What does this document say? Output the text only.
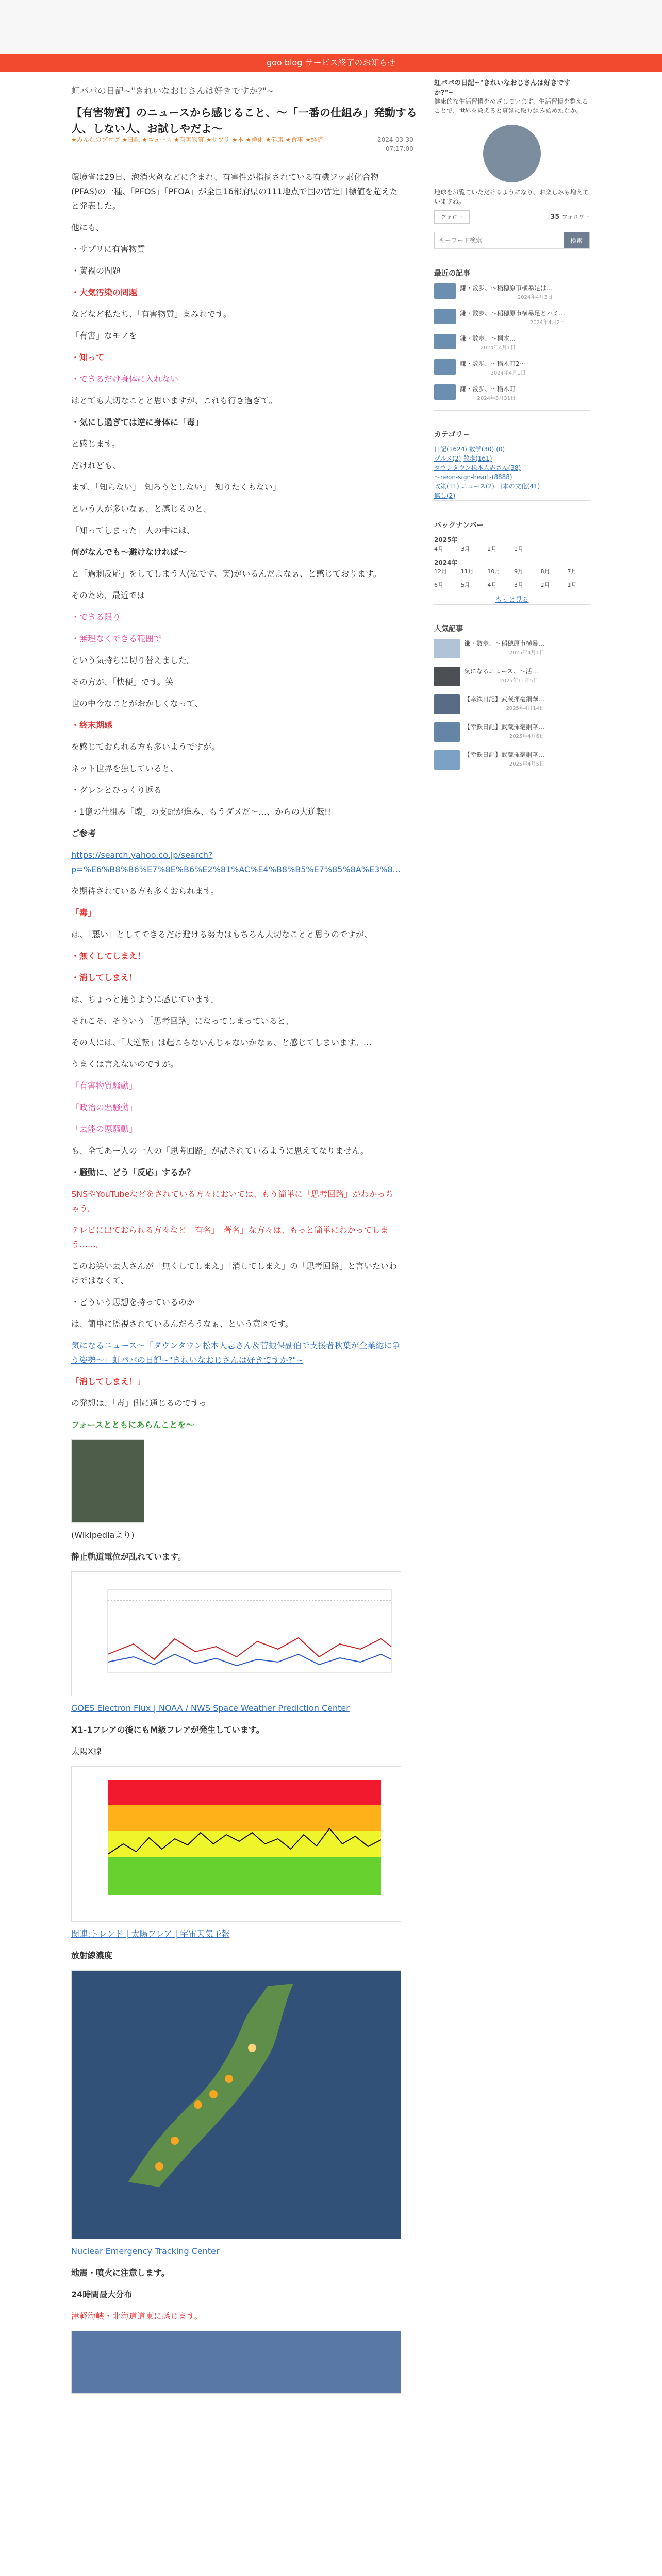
goo blog サービス終了のお知らせ
虹パパの日記~"きれいなおじさんは好きですか?"~
【有害物質】のニュースから感じること、～「一番の仕組み」発動する人、しない人、お試しやだよ～
★みんなのブログ ★日記 ★ニュース ★有害物質 ★サプリ ★本 ★浄化 ★健康 ★食事 ★経済	2024-03-30
07:17:00

環境省は29日、泡消火剤などに含まれ、有害性が指摘されている有機フッ素化合物(PFAS)の一種、「PFOS」「PFOA」が全国16都府県の111地点で国の暫定目標値を超えたと発表した。

他にも、

・サプリに有害物質

・黄禍の問題

・大気汚染の問題

などなど私たち、「有害物質」まみれです。

「有害」なモノを

・知って

・できるだけ身体に入れない

はとても大切なことと思いますが、これも行き過ぎて。

・気にし過ぎては逆に身体に「毒」

と感じます。

だけれども、

まず、「知らない」「知ろうとしない」「知りたくもない」

という人が多いなぁ、と感じるのと、

「知ってしまった」人の中には、

何がなんでも～避けなければ～

と「過剰反応」をしてしまう人(私です、笑)がいるんだよなぁ、と感じております。

そのため、最近では

・できる限り

・無理なくできる範囲で

という気持ちに切り替えました。

その方が、「快便」です。笑

世の中今なことがおかしくなって、

・終末期感

を感じておられる方も多いようですが。

ネット世界を独していると、

・グレンとひっくり返る

・1億の仕組み「壊」の支配が進み、もうダメだ～…、からの大逆転!!

ご参考

https://search.yahoo.co.jp/search?p=%E6%B8%B6%E7%8E%B6%E2%81%AC%E4%B8%B5%E7%85%8A%E3%8...

を期待されている方も多くおられます。

「毒」

は、「悪い」としてできるだけ避ける努力はもちろん大切なことと思うのですが、

・無くしてしまえ！

・消してしまえ！

は、ちょっと違うように感じています。

それこそ、そういう「思考回路」になってしまっていると、

その人には、「大逆転」は起こらないんじゃないかなぁ、と感じてしまいます。…

うまくは言えないのですが。

「有害物質騒動」

「政治の悪騒動」

「芸能の悪騒動」

も、全てあー人の一人の「思考回路」が試されているように思えてなりません。

・騒動に、どう「反応」するか？

SNSやYouTubeなどをされている方々においては、もう簡単に「思考回路」がわかっちゃう。

テレビに出ておられる方々など「有名」「著名」な方々は、もっと簡単にわかってしまう……。

このお笑い芸人さんが「無くしてしまえ」「消してしまえ」の「思考回路」と言いたいわけではなくて、

・どういう思想を持っているのか

は、簡単に監視されているんだろうなぁ、という意図です。

気になるニュース～「ダウンタウン松本人志さん＆菅振保副伯で支援者秋葉が企業総に争う姿勢～」虹パパの日記~"きれいなおじさんは好きですか?"~

「消してしまえ！」

の発想は、「毒」側に通じるのですっ

フォースとともにあらんことを～

(Wikipediaより)

静止軌道電位が乱れています。

GOES Electron Flux | NOAA / NWS Space Weather Prediction Center

X1-1フレアの後にもM級フレアが発生しています。

太陽X線

関連:トレンド | 太陽フレア | 宇宙天気予報

放射線濃度

Nuclear Emergency Tracking Center

地震・噴火に注意します。

24時間最大分布

津軽海峡・北海道道東に感じます。

虹パパの日記~"きれいなおじさんは好きですか?"~
健康的な生活習慣をめざしています。生活習慣を整えることで、世界を救えると真剣に取り組み始めたなか。
地球をお覧ていただけるようになり、お楽しみも増えていますね。
フォロー	35 フォロワー
キーワード検索
検索
最近の記事
鎌・數歩、～稲穂原市横暴足は…
2024年4月3日
鎌・數歩、～稲穂原市横暴足とハミ…
2024年4月2日
鎌・數歩、～桐木…
2024年4月1日
鎌・數歩、～稲木町2～
2024年4月1日
鎌・數歩、～稲木町
2024年3月31日
カテゴリー
日記(1624) 数学(30) (0)
グルメ(2) 散歩(161)
ダウンタウン松本人志さん(38)
～neon-sign-heart-(8888)
政策(11) ニュース(2) 日本の文化(41)
無し(2)
バックナンバー
2025年
4月	3月	2月	1月
2024年
12月	11月	10月	9月	8月	7月
6月	5月	4月	3月	2月	1月
もっと見る
人気記事
鎌・數歩、～稲穂原市横暴…
2025年4月1日
気になるニュース、～活…
2025年11月5日
【幸鉄日記】武蔵揮毫鋼華…
2025年4月14日
【幸鉄日記】武蔵揮毫鋼華…
2025年4月6日
【幸鉄日記】武蔵揮毫鋼華…
2025年4月5日
